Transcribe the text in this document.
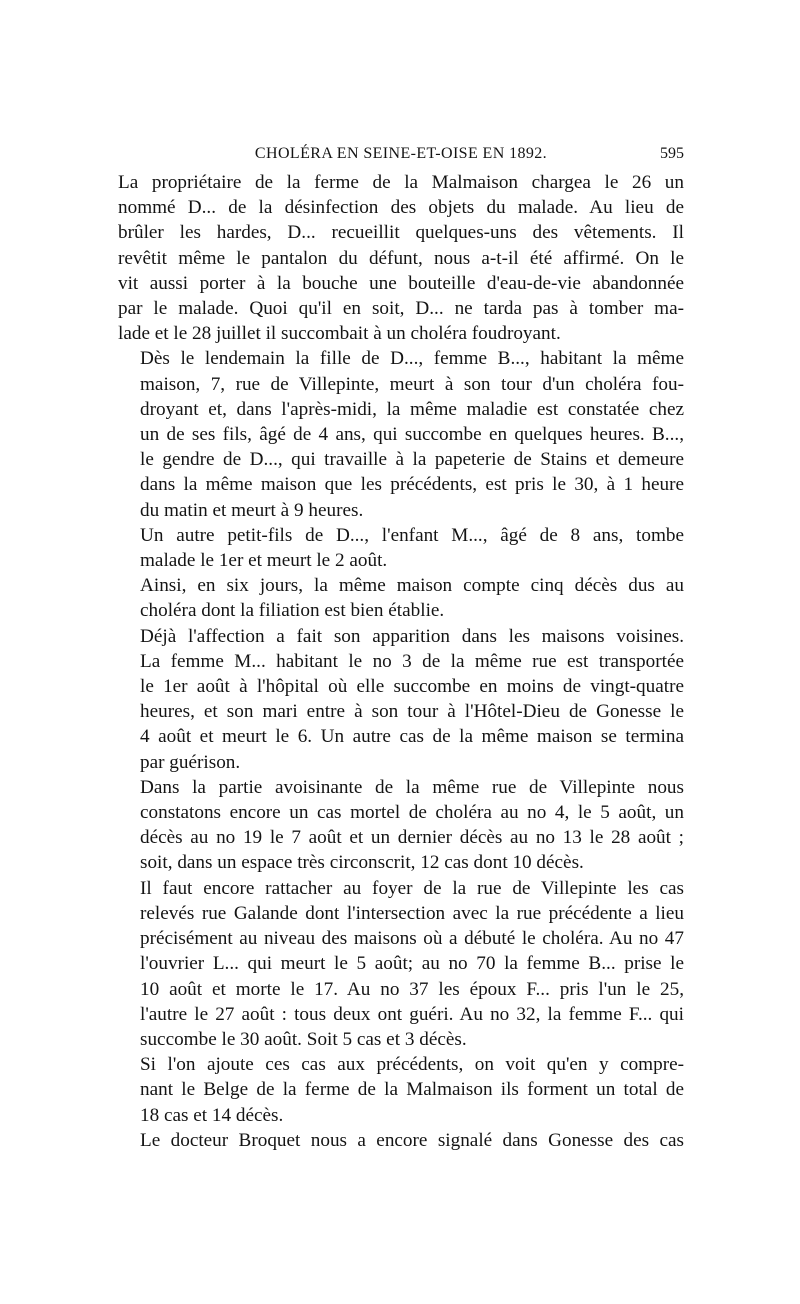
CHOLÉRA EN SEINE-ET-OISE EN 1892.	595

La propriétaire de la ferme de la Malmaison chargea le 26 un
nommé D... de la désinfection des objets du malade. Au lieu de
brûler les hardes, D... recueillit quelques-uns des vêtements. Il
revêtit même le pantalon du défunt, nous a-t-il été affirmé. On le
vit aussi porter à la bouche une bouteille d'eau-de-vie abandonnée
par le malade. Quoi qu'il en soit, D... ne tarda pas à tomber ma-
lade et le 28 juillet il succombait à un choléra foudroyant.

Dès le lendemain la fille de D..., femme B..., habitant la même
maison, 7, rue de Villepinte, meurt à son tour d'un choléra fou-
droyant et, dans l'après-midi, la même maladie est constatée chez
un de ses fils, âgé de 4 ans, qui succombe en quelques heures. B...,
le gendre de D..., qui travaille à la papeterie de Stains et demeure
dans la même maison que les précédents, est pris le 30, à 1 heure
du matin et meurt à 9 heures.

Un autre petit-fils de D..., l'enfant M..., âgé de 8 ans, tombe
malade le 1er et meurt le 2 août.

Ainsi, en six jours, la même maison compte cinq décès dus au
choléra dont la filiation est bien établie.

Déjà l'affection a fait son apparition dans les maisons voisines.
La femme M... habitant le no 3 de la même rue est transportée
le 1er août à l'hôpital où elle succombe en moins de vingt-quatre
heures, et son mari entre à son tour à l'Hôtel-Dieu de Gonesse le
4 août et meurt le 6. Un autre cas de la même maison se termina
par guérison.

Dans la partie avoisinante de la même rue de Villepinte nous
constatons encore un cas mortel de choléra au no 4, le 5 août, un
décès au no 19 le 7 août et un dernier décès au no 13 le 28 août ;
soit, dans un espace très circonscrit, 12 cas dont 10 décès.

Il faut encore rattacher au foyer de la rue de Villepinte les cas
relevés rue Galande dont l'intersection avec la rue précédente a lieu
précisément au niveau des maisons où a débuté le choléra. Au no 47
l'ouvrier L... qui meurt le 5 août; au no 70 la femme B... prise le
10 août et morte le 17. Au no 37 les époux F... pris l'un le 25,
l'autre le 27 août : tous deux ont guéri. Au no 32, la femme F... qui
succombe le 30 août. Soit 5 cas et 3 décès.

Si l'on ajoute ces cas aux précédents, on voit qu'en y compre-
nant le Belge de la ferme de la Malmaison ils forment un total de
18 cas et 14 décès.

Le docteur Broquet nous a encore signalé dans Gonesse des cas
